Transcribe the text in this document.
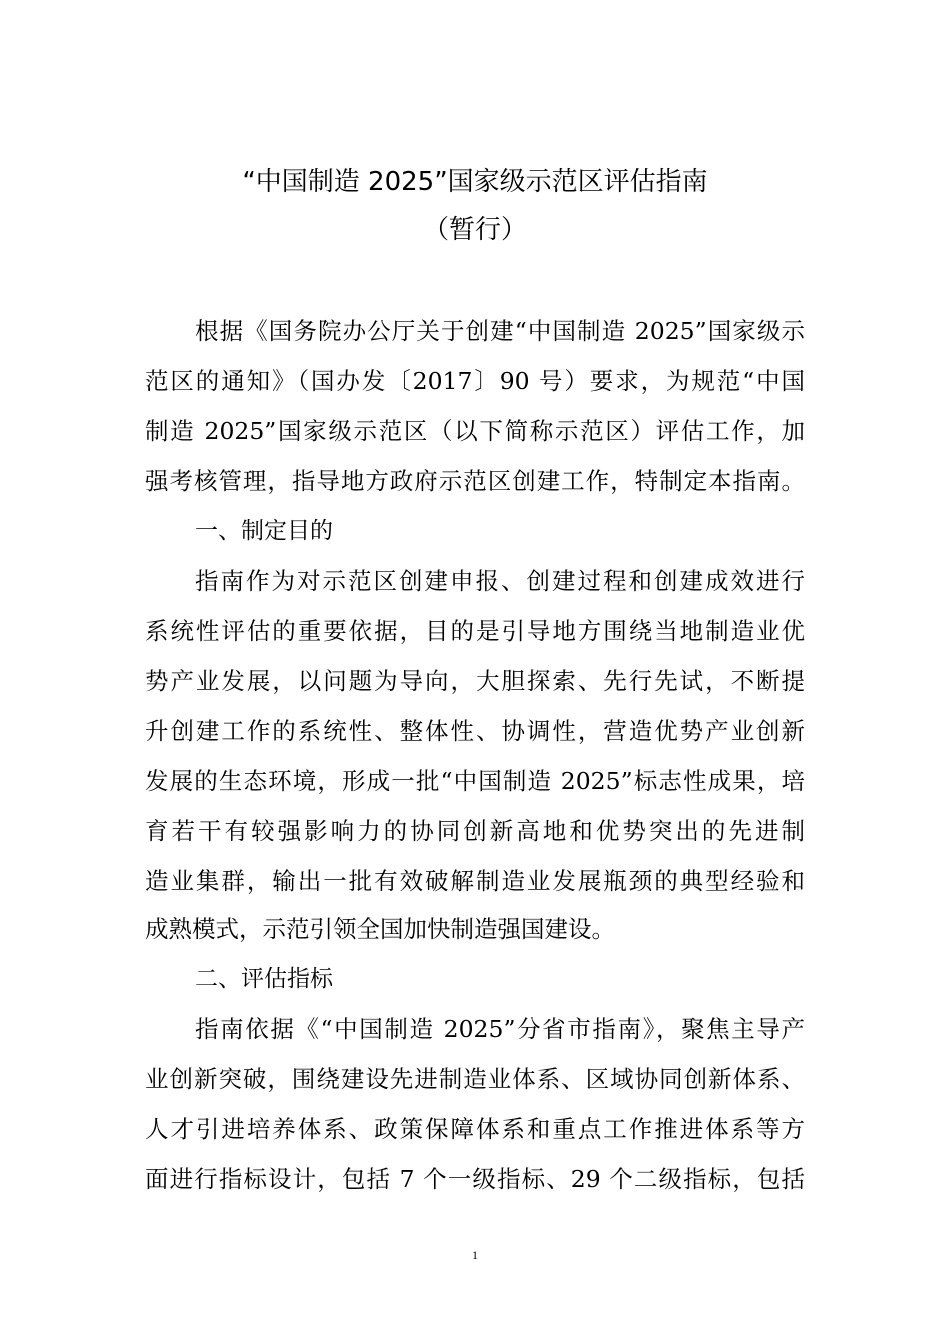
“中国制造 2025”国家级示范区评估指南
（暂行）
根据《国务院办公厅关于创建“中国制造 2025”国家级示
范区的通知》（国办发〔2017〕90 号）要求，为规范“中国
制造 2025”国家级示范区（以下简称示范区）评估工作，加
强考核管理，指导地方政府示范区创建工作，特制定本指南。
一、制定目的
指南作为对示范区创建申报、创建过程和创建成效进行
系统性评估的重要依据，目的是引导地方围绕当地制造业优
势产业发展，以问题为导向，大胆探索、先行先试，不断提
升创建工作的系统性、整体性、协调性，营造优势产业创新
发展的生态环境，形成一批“中国制造 2025”标志性成果，培
育若干有较强影响力的协同创新高地和优势突出的先进制
造业集群，输出一批有效破解制造业发展瓶颈的典型经验和
成熟模式，示范引领全国加快制造强国建设。
二、评估指标
指南依据《“中国制造 2025”分省市指南》，聚焦主导产
业创新突破，围绕建设先进制造业体系、区域协同创新体系、
人才引进培养体系、政策保障体系和重点工作推进体系等方
面进行指标设计，包括 7 个一级指标、29 个二级指标，包括
1
